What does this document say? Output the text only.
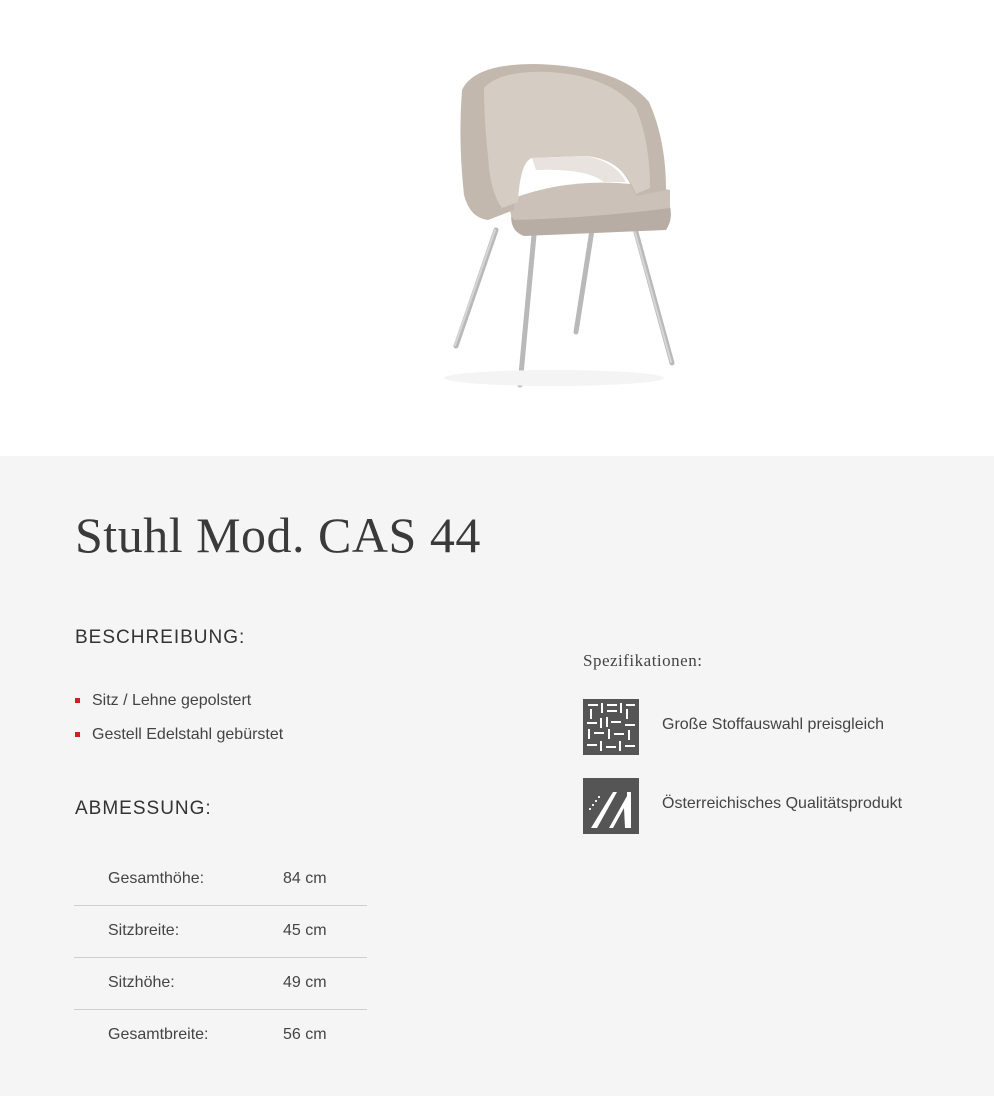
Stuhl Mod. CAS 44
BESCHREIBUNG:
Sitz / Lehne gepolstert
Gestell Edelstahl gebürstet
ABMESSUNG:
Gesamthöhe:	84 cm
Sitzbreite:	45 cm
Sitzhöhe:	49 cm
Gesamtbreite:	56 cm
Spezifikationen:
Große Stoffauswahl preisgleich
Österreichisches Qualitätsprodukt
